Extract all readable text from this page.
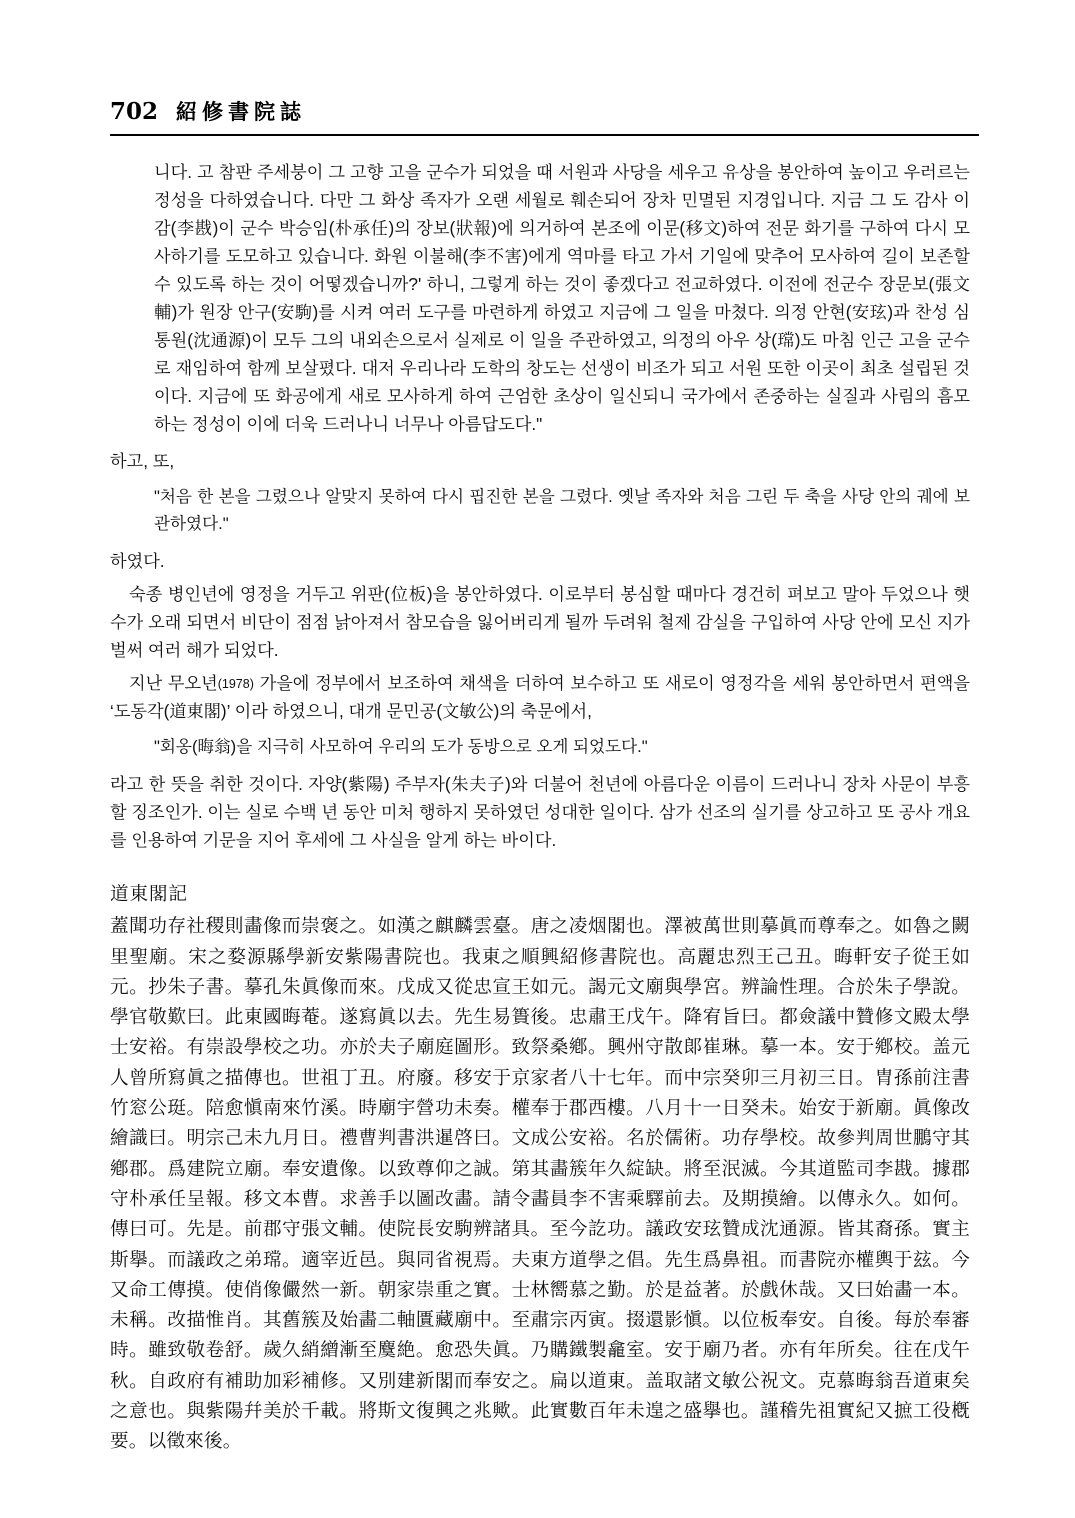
702 紹修書院誌

니다. 고 참판 주세붕이 그 고향 고을 군수가 되었을 때 서원과 사당을 세우고 유상을 봉안하여 높이고 우러르는 정성을 다하였습니다. 다만 그 화상 족자가 오랜 세월로 훼손되어 장차 민멸된 지경입니다. 지금 그 도 감사 이감(李戡)이 군수 박승임(朴承任)의 장보(狀報)에 의거하여 본조에 이문(移文)하여 전문 화기를 구하여 다시 모사하기를 도모하고 있습니다. 화원 이불해(李不害)에게 역마를 타고 가서 기일에 맞추어 모사하여 길이 보존할 수 있도록 하는 것이 어떻겠습니까?' 하니, 그렇게 하는 것이 좋겠다고 전교하였다. 이전에 전군수 장문보(張文輔)가 원장 안구(安駒)를 시켜 여러 도구를 마련하게 하였고 지금에 그 일을 마쳤다. 의정 안현(安玹)과 찬성 심통원(沈通源)이 모두 그의 내외손으로서 실제로 이 일을 주관하였고, 의정의 아우 상(瑺)도 마침 인근 고을 군수로 재임하여 함께 보살폈다. 대저 우리나라 도학의 창도는 선생이 비조가 되고 서원 또한 이곳이 최초 설립된 것이다. 지금에 또 화공에게 새로 모사하게 하여 근엄한 초상이 일신되니 국가에서 존중하는 실질과 사림의 흠모하는 정성이 이에 더욱 드러나니 너무나 아름답도다."

하고, 또,

"처음 한 본을 그렸으나 알맞지 못하여 다시 핍진한 본을 그렸다. 옛날 족자와 처음 그린 두 축을 사당 안의 궤에 보관하였다."

하였다.

숙종 병인년에 영정을 거두고 위판(位板)을 봉안하였다. 이로부터 봉심할 때마다 경건히 펴보고 말아 두었으나 햇수가 오래 되면서 비단이 점점 낡아져서 참모습을 잃어버리게 될까 두려워 철제 감실을 구입하여 사당 안에 모신 지가 벌써 여러 해가 되었다.

지난 무오년(1978) 가을에 정부에서 보조하여 채색을 더하여 보수하고 또 새로이 영정각을 세워 봉안하면서 편액을 ‘도동각(道東閣)’ 이라 하였으니, 대개 문민공(文敏公)의 축문에서,

"회옹(晦翁)을 지극히 사모하여 우리의 도가 동방으로 오게 되었도다."

라고 한 뜻을 취한 것이다. 자양(紫陽) 주부자(朱夫子)와 더불어 천년에 아름다운 이름이 드러나니 장차 사문이 부흥할 징조인가. 이는 실로 수백 년 동안 미처 행하지 못하였던 성대한 일이다. 삼가 선조의 실기를 상고하고 또 공사 개요를 인용하여 기문을 지어 후세에 그 사실을 알게 하는 바이다.

道東閣記

蓋聞功存社稷則畵像而崇褒之。如漢之麒麟雲臺。唐之凌烟閣也。澤被萬世則摹眞而尊奉之。如魯之闕里聖廟。宋之婺源縣學新安紫陽書院也。我東之順興紹修書院也。高麗忠烈王己丑。晦軒安子從王如元。抄朱子書。摹孔朱眞像而來。戊成又從忠宣王如元。謁元文廟與學宮。辨論性理。合於朱子學說。學官敬歎曰。此東國晦菴。遂寫眞以去。先生易簣後。忠肅王戊午。降宥旨曰。都僉議中贊修文殿太學士安裕。有崇設學校之功。亦於夫子廟庭圖形。致祭桑鄕。興州守散郞崔琳。摹一本。安于鄕校。盖元人曾所寫眞之描傳也。世祖丁丑。府廢。移安于京家者八十七年。而中宗癸卯三月初三日。胄孫前注書竹窓公珽。陪愈愼南來竹溪。時廟宇營功未奏。權奉于郡西樓。八月十一日癸未。始安于新廟。眞像改繪識曰。明宗己未九月日。禮曹判書洪暹啓曰。文成公安裕。名於儒術。功存學校。故參判周世鵬守其鄕郡。爲建院立廟。奉安遺像。以致尊仰之誠。第其畵簇年久綻缺。將至泯滅。今其道監司李戡。據郡守朴承任呈報。移文本曹。求善手以圖改畵。請令畵員李不害乘驛前去。及期摸繪。以傳永久。如何。傳曰可。先是。前郡守張文輔。使院長安駒辨諸具。至今訖功。議政安玹贊成沈通源。皆其裔孫。實主斯擧。而議政之弟瑺。適宰近邑。與同省視焉。夫東方道學之倡。先生爲鼻祖。而書院亦權輿于玆。今又命工傳摸。使俏像儼然一新。朝家崇重之實。士林嚮慕之勤。於是益著。於戲休哉。又曰始畵一本。未稱。改描惟肖。其舊簇及始畵二軸匱藏廟中。至肅宗丙寅。掇還影愼。以位板奉安。自後。每於奉審時。雖致敬卷舒。歲久綃繒漸至麌絶。愈恐失眞。乃購鐵製龕室。安于廟乃者。亦有年所矣。往在戊午秋。自政府有補助加彩補修。又別建新閣而奉安之。扁以道東。盖取諸文敏公祝文。克慕晦翁吾道東矣之意也。與紫陽幷美於千載。將斯文復興之兆歟。此實數百年未遑之盛擧也。謹稽先祖實紀又摭工役槪要。以徵來後。
